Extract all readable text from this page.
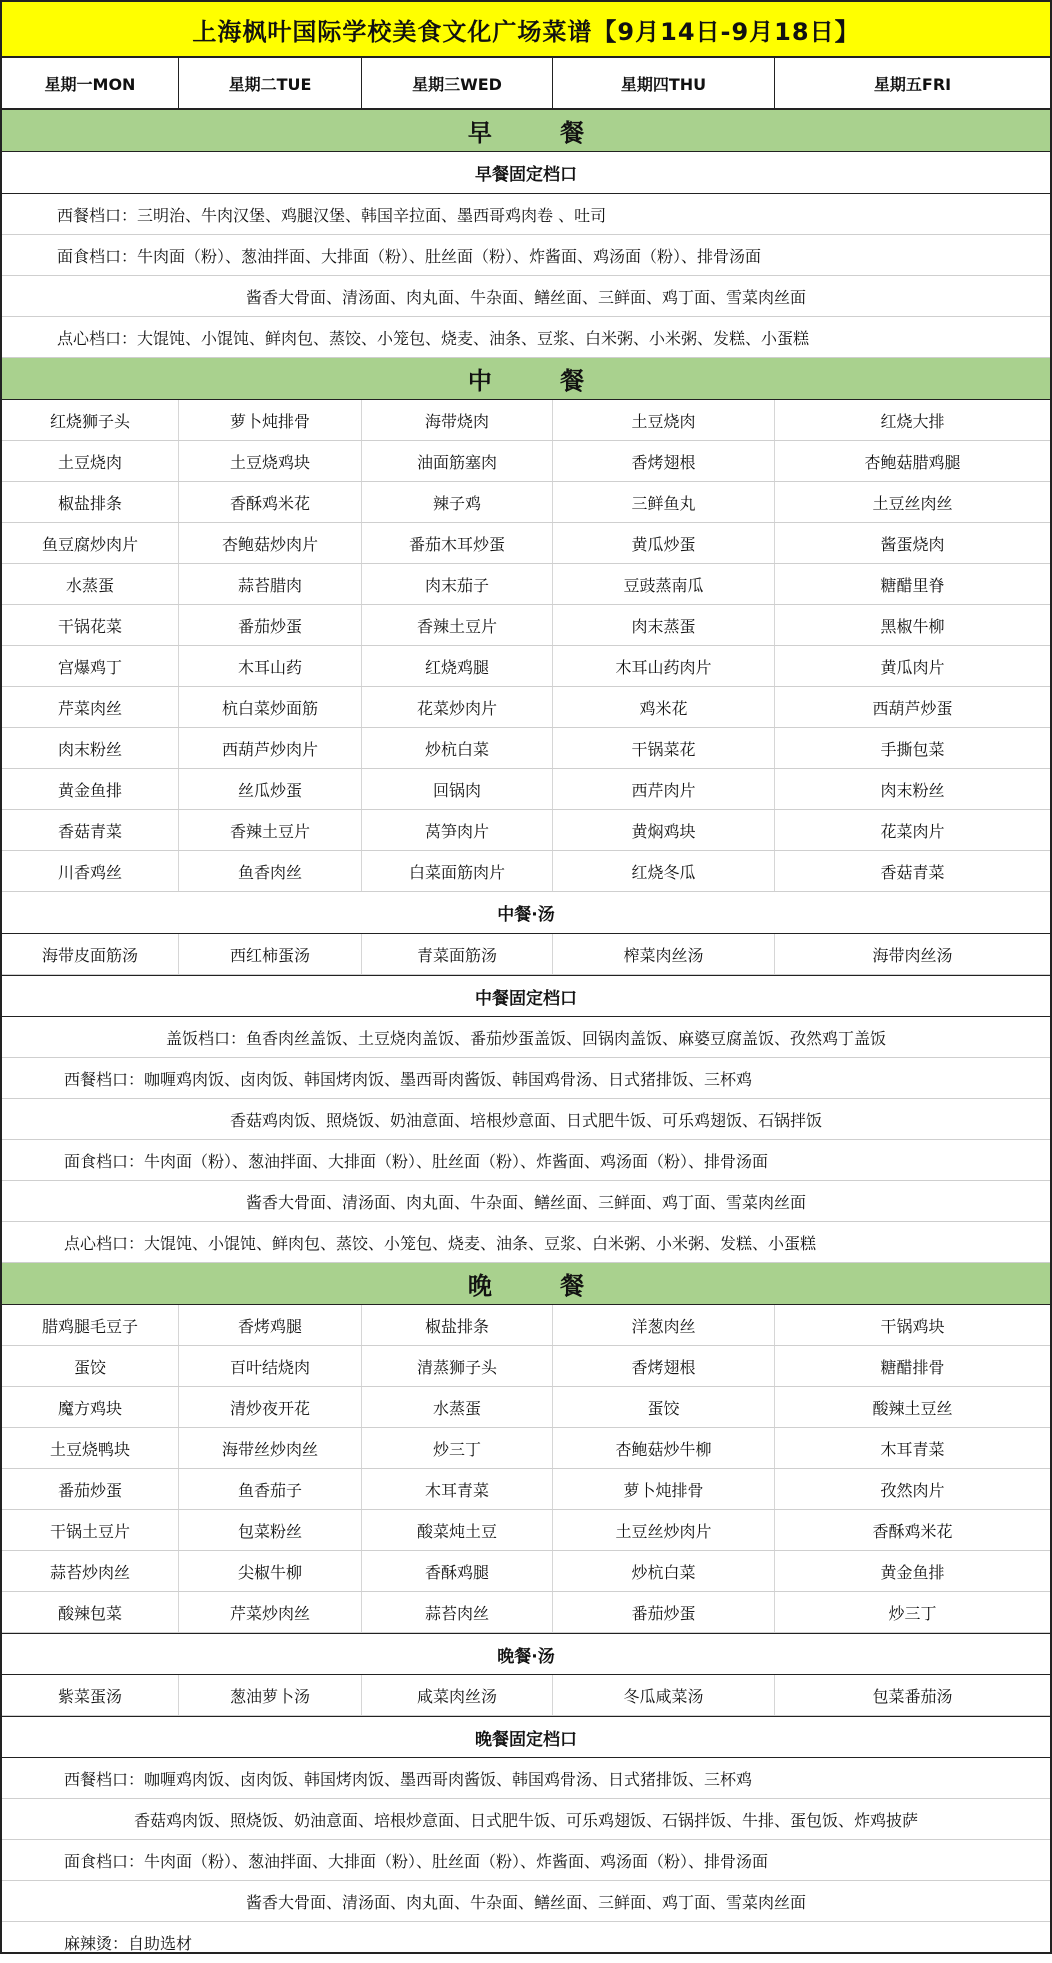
上海枫叶国际学校美食文化广场菜谱【9月14日-9月18日】
星期一MON	星期二TUE	星期三WED	星期四THU	星期五FRI
早 餐
早餐固定档口
西餐档口：三明治、牛肉汉堡、鸡腿汉堡、韩国辛拉面、墨西哥鸡肉卷 、吐司
面食档口：牛肉面（粉）、葱油拌面、大排面（粉）、肚丝面（粉）、炸酱面、鸡汤面（粉）、排骨汤面
酱香大骨面、清汤面、肉丸面、牛杂面、鳝丝面、三鲜面、鸡丁面、雪菜肉丝面
点心档口：大馄饨、小馄饨、鲜肉包、蒸饺、小笼包、烧麦、油条、豆浆、白米粥、小米粥、发糕、小蛋糕
中 餐
红烧狮子头	萝卜炖排骨	海带烧肉	土豆烧肉	红烧大排
土豆烧肉	土豆烧鸡块	油面筋塞肉	香烤翅根	杏鲍菇腊鸡腿
椒盐排条	香酥鸡米花	辣子鸡	三鲜鱼丸	土豆丝肉丝
鱼豆腐炒肉片	杏鲍菇炒肉片	番茄木耳炒蛋	黄瓜炒蛋	酱蛋烧肉
水蒸蛋	蒜苔腊肉	肉末茄子	豆豉蒸南瓜	糖醋里脊
干锅花菜	番茄炒蛋	香辣土豆片	肉末蒸蛋	黑椒牛柳
宫爆鸡丁	木耳山药	红烧鸡腿	木耳山药肉片	黄瓜肉片
芹菜肉丝	杭白菜炒面筋	花菜炒肉片	鸡米花	西葫芦炒蛋
肉末粉丝	西葫芦炒肉片	炒杭白菜	干锅菜花	手撕包菜
黄金鱼排	丝瓜炒蛋	回锅肉	西芹肉片	肉末粉丝
香菇青菜	香辣土豆片	莴笋肉片	黄焖鸡块	花菜肉片
川香鸡丝	鱼香肉丝	白菜面筋肉片	红烧冬瓜	香菇青菜
中餐·汤
海带皮面筋汤	西红柿蛋汤	青菜面筋汤	榨菜肉丝汤	海带肉丝汤
中餐固定档口
盖饭档口：鱼香肉丝盖饭、土豆烧肉盖饭、番茄炒蛋盖饭、回锅肉盖饭、麻婆豆腐盖饭、孜然鸡丁盖饭
西餐档口：咖喱鸡肉饭、卤肉饭、韩国烤肉饭、墨西哥肉酱饭、韩国鸡骨汤、日式猪排饭、三杯鸡
香菇鸡肉饭、照烧饭、奶油意面、培根炒意面、日式肥牛饭、可乐鸡翅饭、石锅拌饭
面食档口：牛肉面（粉）、葱油拌面、大排面（粉）、肚丝面（粉）、炸酱面、鸡汤面（粉）、排骨汤面
酱香大骨面、清汤面、肉丸面、牛杂面、鳝丝面、三鲜面、鸡丁面、雪菜肉丝面
点心档口：大馄饨、小馄饨、鲜肉包、蒸饺、小笼包、烧麦、油条、豆浆、白米粥、小米粥、发糕、小蛋糕
晚 餐
腊鸡腿毛豆子	香烤鸡腿	椒盐排条	洋葱肉丝	干锅鸡块
蛋饺	百叶结烧肉	清蒸狮子头	香烤翅根	糖醋排骨
魔方鸡块	清炒夜开花	水蒸蛋	蛋饺	酸辣土豆丝
土豆烧鸭块	海带丝炒肉丝	炒三丁	杏鲍菇炒牛柳	木耳青菜
番茄炒蛋	鱼香茄子	木耳青菜	萝卜炖排骨	孜然肉片
干锅土豆片	包菜粉丝	酸菜炖土豆	土豆丝炒肉片	香酥鸡米花
蒜苔炒肉丝	尖椒牛柳	香酥鸡腿	炒杭白菜	黄金鱼排
酸辣包菜	芹菜炒肉丝	蒜苔肉丝	番茄炒蛋	炒三丁
晚餐·汤
紫菜蛋汤	葱油萝卜汤	咸菜肉丝汤	冬瓜咸菜汤	包菜番茄汤
晚餐固定档口
西餐档口：咖喱鸡肉饭、卤肉饭、韩国烤肉饭、墨西哥肉酱饭、韩国鸡骨汤、日式猪排饭、三杯鸡
香菇鸡肉饭、照烧饭、奶油意面、培根炒意面、日式肥牛饭、可乐鸡翅饭、石锅拌饭、牛排、蛋包饭、炸鸡披萨
面食档口：牛肉面（粉）、葱油拌面、大排面（粉）、肚丝面（粉）、炸酱面、鸡汤面（粉）、排骨汤面
酱香大骨面、清汤面、肉丸面、牛杂面、鳝丝面、三鲜面、鸡丁面、雪菜肉丝面
麻辣烫：自助选材
